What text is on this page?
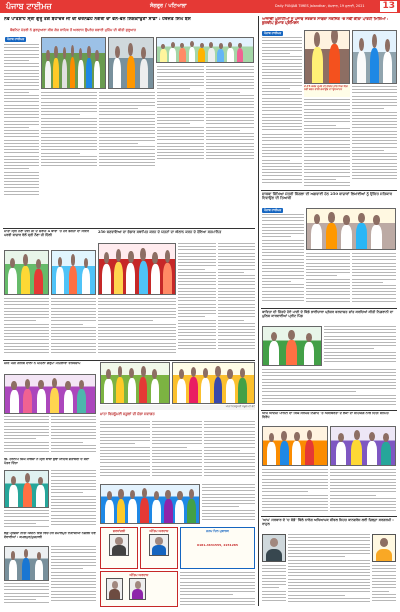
ਪੰਜਾਬ ਟਾਈਮਜ਼	ਸੰਗਰੂਰ / ਪਟਿਆਲਾ	Daily PUNJAB TIMES Jalandhar, ਸੋਮਵਾਰ, 19 ਜੁਲਾਈ, 2021 13
ਨੌਵੇਂ ਪਾਤਸ਼ਾਹ ਸ੍ਰੀ ਗੁਰੂ ਤੇਗ ਬਹਾਦਰ ਜੀ ਦੀ ਚਰਨਛੋਹ ਨਗਰੀ ਦਾ ਵੰਨ-ਵੰਨ ਲਿਸ਼ਕਾਉਣਾ ਸਾਡਾ : ਹਰਜੋਤ ਸਿੰਘ ਬੈਂਸ
ਕੈਬਨਿਟ ਮੰਤਰੀ ਨੇ ਗੁਰਦੁਆਰਾ ਸੀਸ ਗੰਜ ਸਾਹਿਬ ਤੋਂ ਅਰਦਾਸ ਉਪਰੰਤ ਸਫਾਈ ਮੁਹਿੰਮ ਦੀ ਕੀਤੀ ਸ਼ੁਰੂਆਤ
ਪੰਜਾਬ ਟਾਈਮਜ਼
ਆਜ਼ਾਦੀ ਘੁਲਾਟੀਆਂ ਨੂੰ ਪੰਜਾਬ ਸਰਕਾਰ ਸਾਬਕਾ ਨਰਸਿੰਗ 'ਚ ਨਵੀਂ ਕੀਤਾ ਪਾਰਟੀ ਮਿਲਿਆ : ਕੁਲਦੀਪ ਕੁਮਾਰ ਪ੍ਰੋਮਿਸ਼ਨ
ਪੰਜਾਬ ਟਾਈਮਜ਼
2.73 ਕਰੋੜ ਰੁਪਏ ਦੀ ਲਾਗਤ ਨਾਲ ਪਿੰਡ ਵਿਚ ਨਵੀਂ ਬਣਨ ਵਾਲੀ ਗਰਾਉਂਡ ਦਾ ਉਦਘਾਟਨ
ਮਾਤਾ ਸ੍ਰੀ ਨੈਣਾ ਦੇਵੀ ਜੀ ਦੇ ਸ਼ਰਧੀ 4 ਥਾਂਵਾਂ 'ਤੇ ਹਰ ਭਗਤਾਂ ਦਾ ਸੀਵਰ ਪਰਵੀ ਬਾਜ਼ਾਰ ਵੱਲੋਂ ਸ੍ਰੀ ਨੈਣਾ ਜੀ ਦਿੱਲੀ
250 ਬਣਵਾਇਆ ਦਾ ਭੰਡਾਰ ਸਥਾਪਿਤ ਕਰਨ ਦੇ ਯਤਨਾਂ ਦਾ ਐਲਾਨ ਕਰਨ ਦੇ ਹੋਇਆ ਸਨਮਾਨਿਤ
ਸਾਬਕਾ ਸਿੱਖਿਆ ਮੰਤਰੀ ਸਿੰਗਲਾ ਦੀ ਅਗਵਾਈ ਹੇਠ 250 ਬਾਜ਼ਾਰਾਂ ਲਿਖਾਈਆਂ ਨੂੰ ਉਚਿਤ ਸਤਿਕਾਰ ਦਿਵਾਉਣ ਦੀ ਤਿਆਰੀ
ਪੰਜਾਬ ਟਾਈਮਜ਼
ਮੌਸੀ ਪੰਜੀ ਗਰੀਬ ਦਾਲਾਂ ਨੇ ਪਹਿਲਾ ਗਰੁੱਪਾਂ ਮਹਿਲਾਵਾਂ ਵਰਕਸ਼ਾਪ
ਡਿ. ਹਰਨਾਮ ਸਿੰਘ ਖ਼ਾਲਸਾ ਨੇ ਸ੍ਰੀ ਬਾਬਾ ਬੁੱਢਾ ਸਾਹਿਬ ਸ਼ਤਾਬਦੀ ਦੇ ਸੱਦਾ ਪੱਤਰ ਦਿੱਤਾ
ਲੋਕੁ ਪ੍ਰਸ਼ੰਸਾ ਨੀਤੀ ਅਧੀਨ ਵਿੱਚ ਵਿੱਚ ਹਰ ਜਮਾਲਪੁਰ ਨਿਵਾਸੀਆਂ ਨਸ਼ੀਲੀ ਦੇਣ ਦੇਵਾਈਆਂ : ਕਮਲਪੁਰ/ਖ਼ੁਸ਼ਹਾਲੀ
ਮਾਤਾ ਵਿਸ਼ਨੂੰਮਈ ਸਕੂਲ ਦੀ ਫੋਟੋ
ਮਾਤਾ ਵਿਸ਼ਨੂੰਮਈ ਸਕੂਲਾਂ ਦੀ ਸ਼ੋਭਾ ਸਵਾਗਤ
ਸ਼ਰਧਾਂਜਲੀ	ਅੰਤਿਮ ਅਰਦਾਸ	ਜਨਮ ਦਿਨ ਮੁਬਾਰਕ
0181-4631555, 2231285
ਅੰਤਿਮ ਅਰਦਾਸ
ਕਾਵਿਤਾ ਦੀ ਜਿੱਤਦੇ ਹੋਏ ਪਾਣੀ ਦੇ ਕਿੰਡੇ ਭਾਈਚਾਰਾ ਪ੍ਰੇਸ਼ਰ ਬਰਦਾਸ਼ਤ ਸ਼ਾਂਤ ਕਰਦਿਆਂ ਕੀਤੀ ਨਿਗਰਾਨੀ ਦਾ ਪੁਲਿਸ ਕਾਰਵਾਈਆਂ ਪ੍ਰੀਟ ਪਿੰਡ
ਆਮ ਆਦਮੀ ਪਾਰਟੀ ਦਾ ਸਿੰਘ ਸਰਪੰਚ ਨਿਗਾਹ 'ਤੇ ਅਸਥਿਰਤਾ ਦੇ ਲੋਕਾਂ ਦਾ ਸਹਿਯੋਗ ਨਾਲ ਦਿੱਤੀ ਸੀਮਿਤ ਵਿਰੋਧ
'ਆਪ' ਸਰਕਾਰ ਦੇ 'ਦ ਸੰਡੋ' ਕਿੱਲੇ ਨਾਰੰਗ ਅਧਿਆਪਕ ਸੀਵਲ ਸਿਹਤ ਕਾਨਫਰੰਸ ਲਈ ਜ਼ਿਲ੍ਹਾ ਸਰਗਰਮੀ : ਰਾਹੁਲ
